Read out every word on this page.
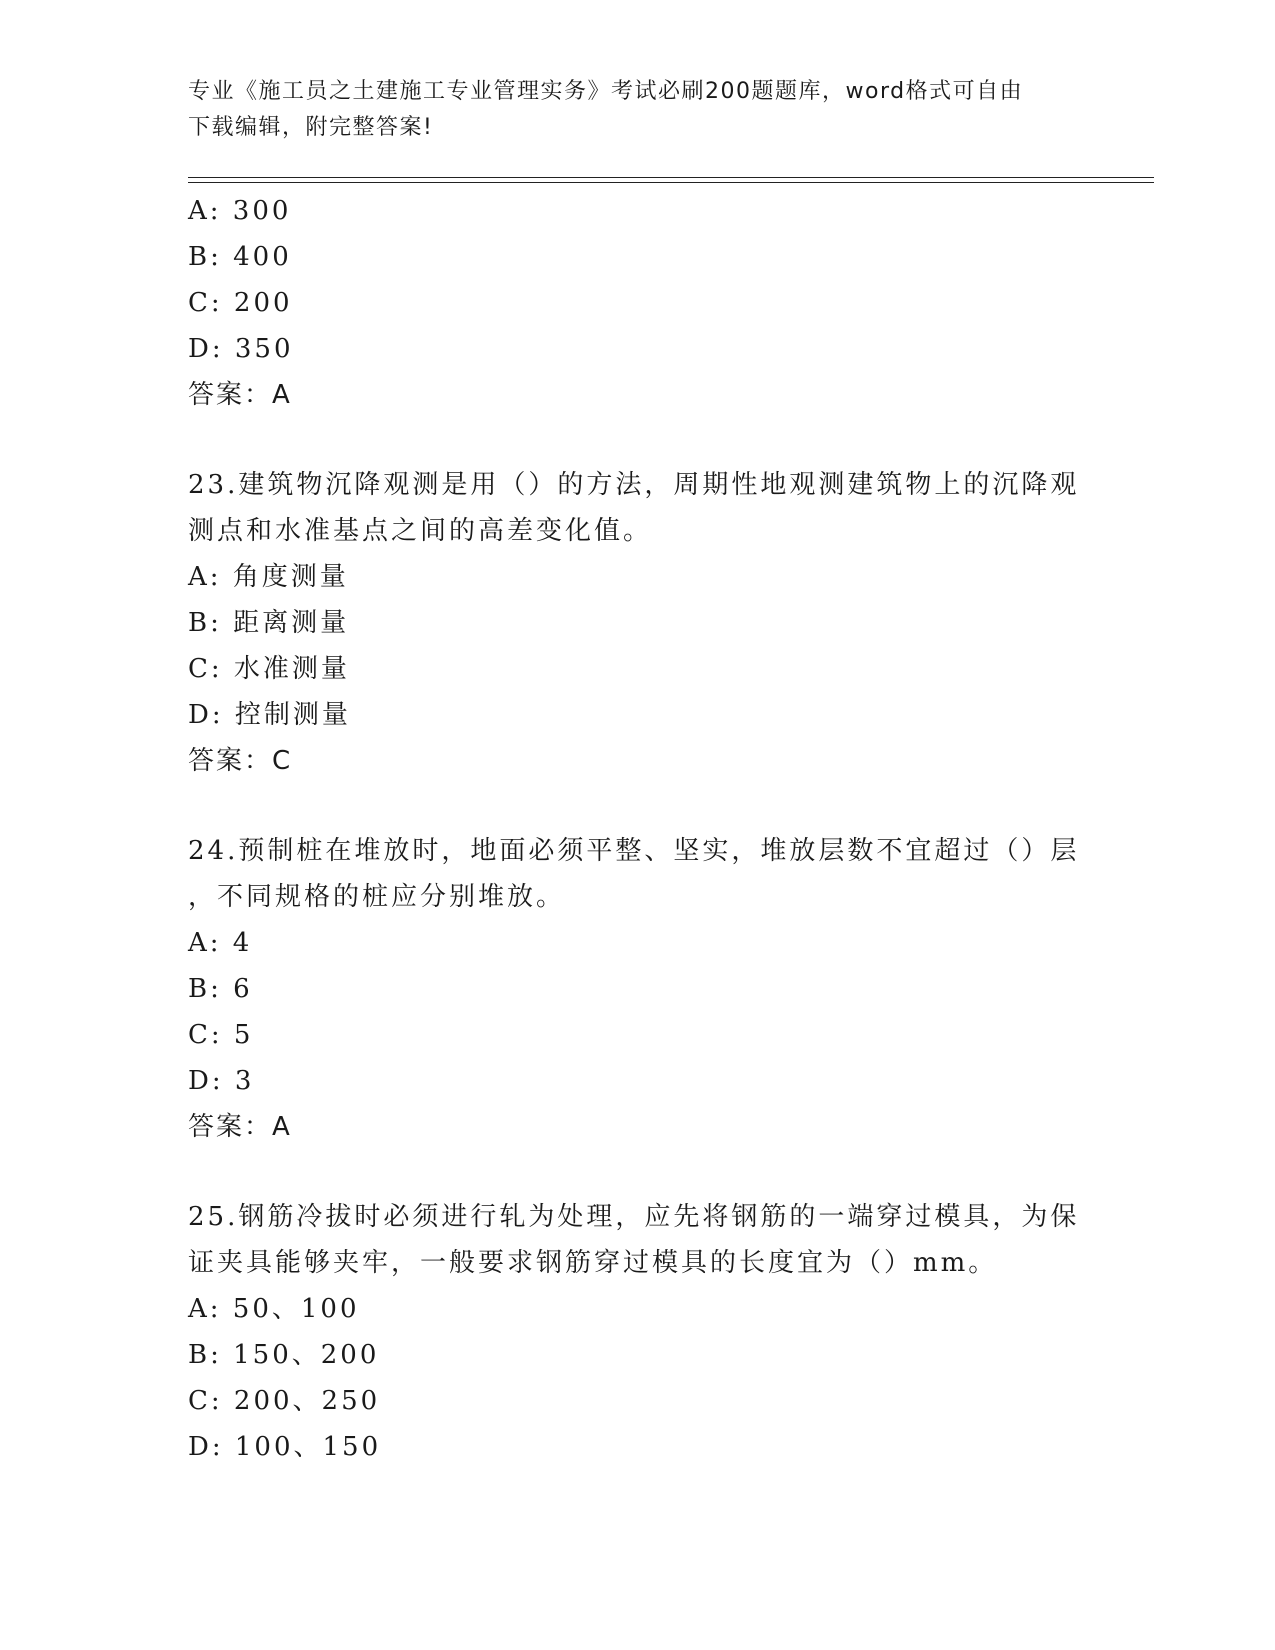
专业《施工员之土建施工专业管理实务》考试必刷200题题库，word格式可自由
下载编辑，附完整答案!
A: 300
B: 400
C: 200
D: 350
答案：A
23.建筑物沉降观测是用（）的方法，周期性地观测建筑物上的沉降观
测点和水准基点之间的高差变化值。
A: 角度测量
B: 距离测量
C: 水准测量
D: 控制测量
答案：C
24.预制桩在堆放时，地面必须平整、坚实，堆放层数不宜超过（）层
，不同规格的桩应分别堆放。
A: 4
B: 6
C: 5
D: 3
答案：A
25.钢筋冷拔时必须进行轧为处理，应先将钢筋的一端穿过模具，为保
证夹具能够夹牢，一般要求钢筋穿过模具的长度宜为（）mm。
A: 50、100
B: 150、200
C: 200、250
D: 100、150
